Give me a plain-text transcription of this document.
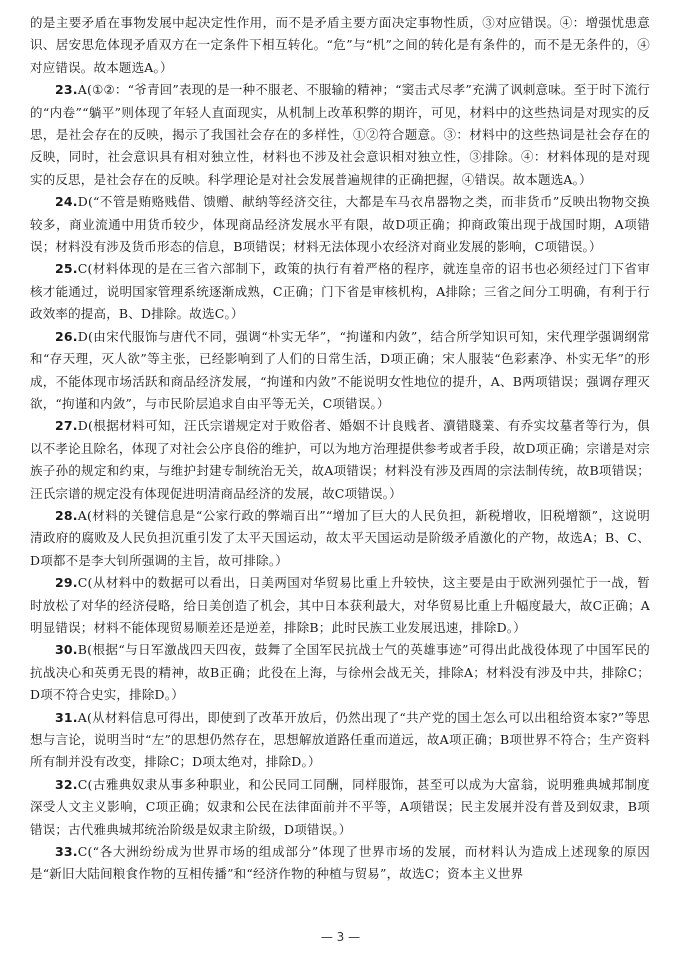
的是主要矛盾在事物发展中起决定性作用，而不是矛盾主要方面决定事物性质，③对应错误。④：增强忧患意识、居安思危体现矛盾双方在一定条件下相互转化。“危”与“机”之间的转化是有条件的，而不是无条件的，④对应错误。故本题选A。）

23.A(①②：“爷青回”表现的是一种不服老、不服输的精神；“窦击式尽孝”充满了讽刺意味。至于时下流行的“内卷”“躺平”则体现了年轻人直面现实，从机制上改革积弊的期许，可见，材料中的这些热词是对现实的反思，是社会存在的反映，揭示了我国社会存在的多样性，①②符合题意。③：材料中的这些热词是社会存在的反映，同时，社会意识具有相对独立性，材料也不涉及社会意识相对独立性，③排除。④：材料体现的是对现实的反思，是社会存在的反映。科学理论是对社会发展普遍规律的正确把握，④错误。故本题选A。）

24.D(“不管是贿赂贱借、馈赠、献纳等经济交往，大都是车马衣帛器物之类，而非货币”反映出物物交换较多，商业流通中用货币较少，体现商品经济发展水平有限，故D项正确；抑商政策出现于战国时期，A项错误；材料没有涉及货币形态的信息，B项错误；材料无法体现小农经济对商业发展的影响，C项错误。）

25.C(材料体现的是在三省六部制下，政策的执行有着严格的程序，就连皇帝的诏书也必须经过门下省审核才能通过，说明国家管理系统逐渐成熟，C正确；门下省是审核机构，A排除；三省之间分工明确，有利于行政效率的提高，B、D排除。故选C。）

26.D(由宋代服饰与唐代不同，强调“朴实无华”，“拘谨和内敛”，结合所学知识可知，宋代理学强调纲常和“存天理，灭人欲”等主张，已经影响到了人们的日常生活，D项正确；宋人服装“色彩素净、朴实无华”的形成，不能体现市场活跃和商品经济发展，“拘谨和内敛”不能说明女性地位的提升，A、B两项错误；强调存理灭欲，“拘谨和内敛”，与市民阶层追求自由平等无关，C项错误。）

27.D(根据材料可知，汪氏宗谱规定对于败俗者、婚姻不计良贱者、瀆错賤業、有乔实坟墓者等行为，俱以不孝论且除名，体现了对社会公序良俗的维护，可以为地方治理提供参考或者手段，故D项正确；宗谱是对宗族子孙的规定和约束，与维护封建专制统治无关，故A项错误；材料没有涉及西周的宗法制传统，故B项错误；汪氏宗谱的规定没有体现促进明清商品经济的发展，故C项错误。）

28.A(材料的关键信息是“公家行政的弊端百出”“增加了巨大的人民负担，新税增收，旧税增额”，这说明清政府的腐败及人民负担沉重引发了太平天国运动，故太平天国运动是阶级矛盾激化的产物，故选A；B、C、D项都不是李大钊所强调的主旨，故可排除。）

29.C(从材料中的数据可以看出，日美两国对华贸易比重上升较快，这主要是由于欧洲列强忙于一战，暂时放松了对华的经济侵略，给日美创造了机会，其中日本获利最大，对华贸易比重上升幅度最大，故C正确；A明显错误；材料不能体现贸易顺差还是逆差，排除B；此时民族工业发展迅速，排除D。）

30.B(根据“与日军激战四天四夜，鼓舞了全国军民抗战士气的英雄事迹”可得出此战役体现了中国军民的抗战决心和英勇无畏的精神，故B正确；此役在上海，与徐州会战无关，排除A；材料没有涉及中共，排除C；D项不符合史实，排除D。）

31.A(从材料信息可得出，即使到了改革开放后，仍然出现了“共产党的国土怎么可以出租给资本家?”等思想与言论，说明当时“左”的思想仍然存在，思想解放道路任重而道远，故A项正确；B项世界不符合；生产资料所有制并没有改变，排除C；D项太绝对，排除D。）

32.C(古雅典奴隶从事多种职业，和公民同工同酬，同样服饰，甚至可以成为大富翁，说明雅典城邦制度深受人文主义影响，C项正确；奴隶和公民在法律面前并不平等，A项错误；民主发展并没有普及到奴隶，B项错误；古代雅典城邦统治阶级是奴隶主阶级，D项错误。）

33.C(“各大洲纷纷成为世界市场的组成部分”体现了世界市场的发展，而材料认为造成上述现象的原因是“新旧大陆间粮食作物的互相传播”和“经济作物的种植与贸易”，故选C；资本主义世界

— 3 —
